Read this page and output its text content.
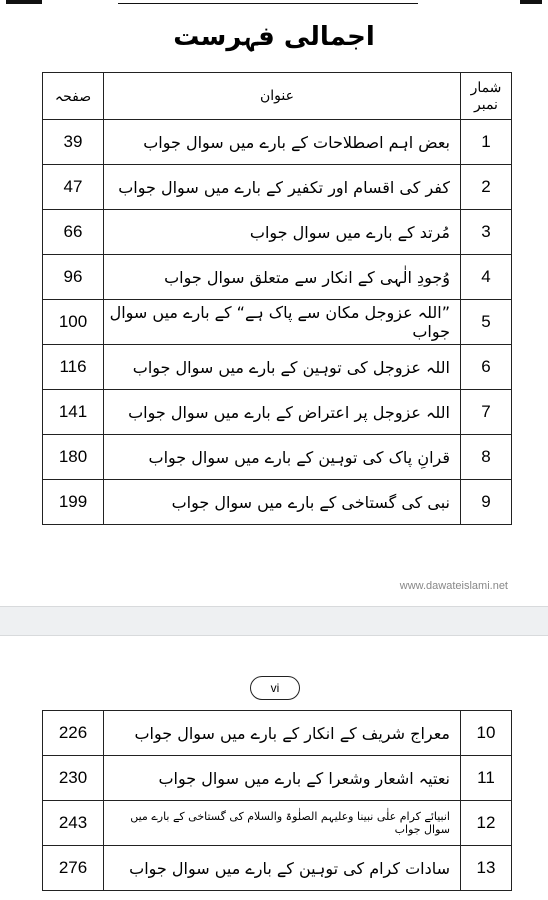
اجمالی فہرست
شمار نمبر	عنوان	صفحہ
1	بعض اہم اصطلاحات کے بارے میں سوال جواب	39
2	کفر کی اقسام اور تکفیر کے بارے میں سوال جواب	47
3	مُرتد کے بارے میں سوال جواب	66
4	وُجودِ الٰہی کے انکار سے متعلق سوال جواب	96
5	”اللہ عزوجل مکان سے پاک ہے“ کے بارے میں سوال جواب	100
6	اللہ عزوجل کی توہین کے بارے میں سوال جواب	116
7	اللہ عزوجل پر اعتراض کے بارے میں سوال جواب	141
8	قرانِ پاک کی توہین کے بارے میں سوال جواب	180
9	نبی کی گستاخی کے بارے میں سوال جواب	199
www.dawateislami.net
vi
10	معراج شریف کے انکار کے بارے میں سوال جواب	226
11	نعتیہ اشعار وشعرا کے بارے میں سوال جواب	230
12	انبیائے کرام علٰی نبینا وعلیہم الصلٰوۃ والسلام کی گستاخی کے بارے میں سوال جواب	243
13	سادات کرام کی توہین کے بارے میں سوال جواب	276
